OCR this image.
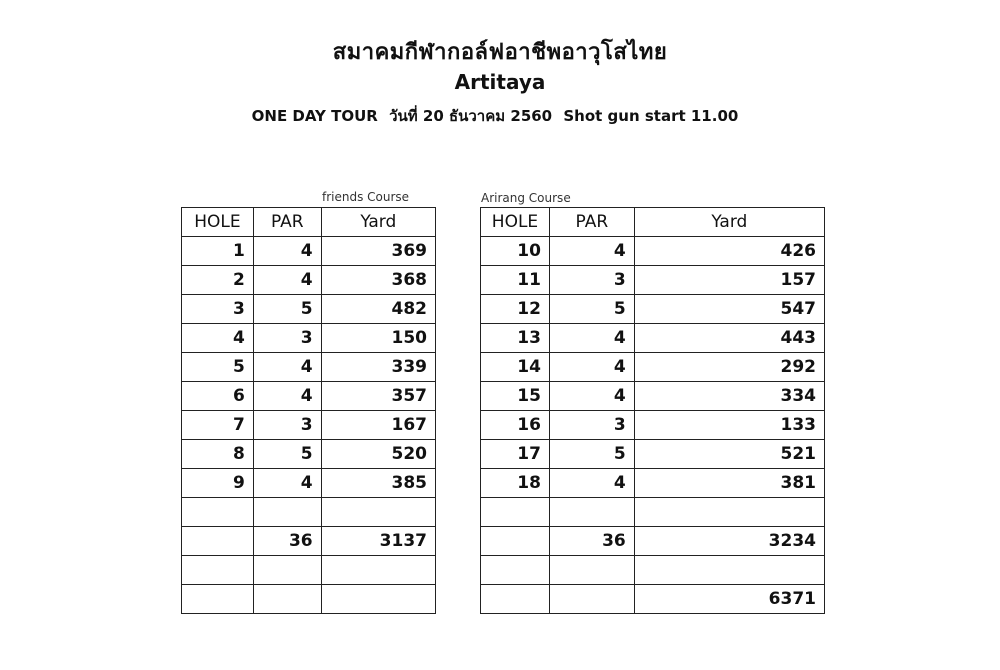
สมาคมกีฬากอล์ฟอาชีพอาวุโสไทย
Artitaya
ONE DAY TOUR วันที่ 20 ธันวาคม 2560 Shot gun start 11.00
friends Course	Arirang Course
HOLE	PAR	Yard
1	4	369
2	4	368
3	5	482
4	3	150
5	4	339
6	4	357
7	3	167
8	5	520
9	4	385

	36	3137

HOLE	PAR	Yard
10	4	426
11	3	157
12	5	547
13	4	443
14	4	292
15	4	334
16	3	133
17	5	521
18	4	381

	36	3234

		6371
